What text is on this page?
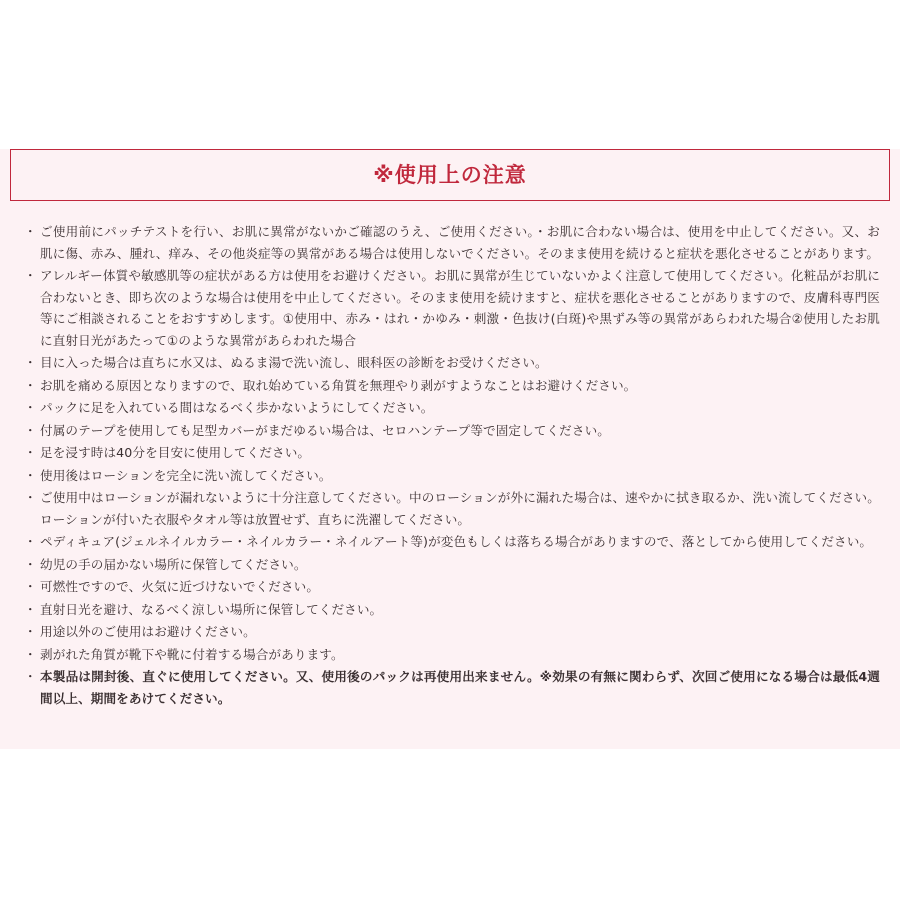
※使用上の注意
・ ご使用前にパッチテストを行い、お肌に異常がないかご確認のうえ、ご使用ください。・お肌に合わない場合は、使用を中止してください。又、お肌に傷、赤み、腫れ、痒み、その他炎症等の異常がある場合は使用しないでください。そのまま使用を続けると症状を悪化させることがあります。
・ アレルギー体質や敏感肌等の症状がある方は使用をお避けください。お肌に異常が生じていないかよく注意して使用してください。化粧品がお肌に合わないとき、即ち次のような場合は使用を中止してください。そのまま使用を続けますと、症状を悪化させることがありますので、皮膚科専門医等にご相談されることをおすすめします。①使用中、赤み・はれ・かゆみ・刺激・色抜け(白斑)や黒ずみ等の異常があらわれた場合②使用したお肌に直射日光があたって①のような異常があらわれた場合
・ 目に入った場合は直ちに水又は、ぬるま湯で洗い流し、眼科医の診断をお受けください。
・ お肌を痛める原因となりますので、取れ始めている角質を無理やり剥がすようなことはお避けください。
・ パックに足を入れている間はなるべく歩かないようにしてください。
・ 付属のテープを使用しても足型カバーがまだゆるい場合は、セロハンテープ等で固定してください。
・ 足を浸す時は40分を目安に使用してください。
・ 使用後はローションを完全に洗い流してください。
・ ご使用中はローションが漏れないように十分注意してください。中のローションが外に漏れた場合は、速やかに拭き取るか、洗い流してください。ローションが付いた衣服やタオル等は放置せず、直ちに洗濯してください。
・ ペディキュア(ジェルネイルカラー・ネイルカラー・ネイルアート等)が変色もしくは落ちる場合がありますので、落としてから使用してください。
・ 幼児の手の届かない場所に保管してください。
・ 可燃性ですので、火気に近づけないでください。
・ 直射日光を避け、なるべく涼しい場所に保管してください。
・ 用途以外のご使用はお避けください。
・ 剥がれた角質が靴下や靴に付着する場合があります。
・ 本製品は開封後、直ぐに使用してください。又、使用後のパックは再使用出来ません。※効果の有無に関わらず、次回ご使用になる場合は最低4週間以上、期間をあけてください。
